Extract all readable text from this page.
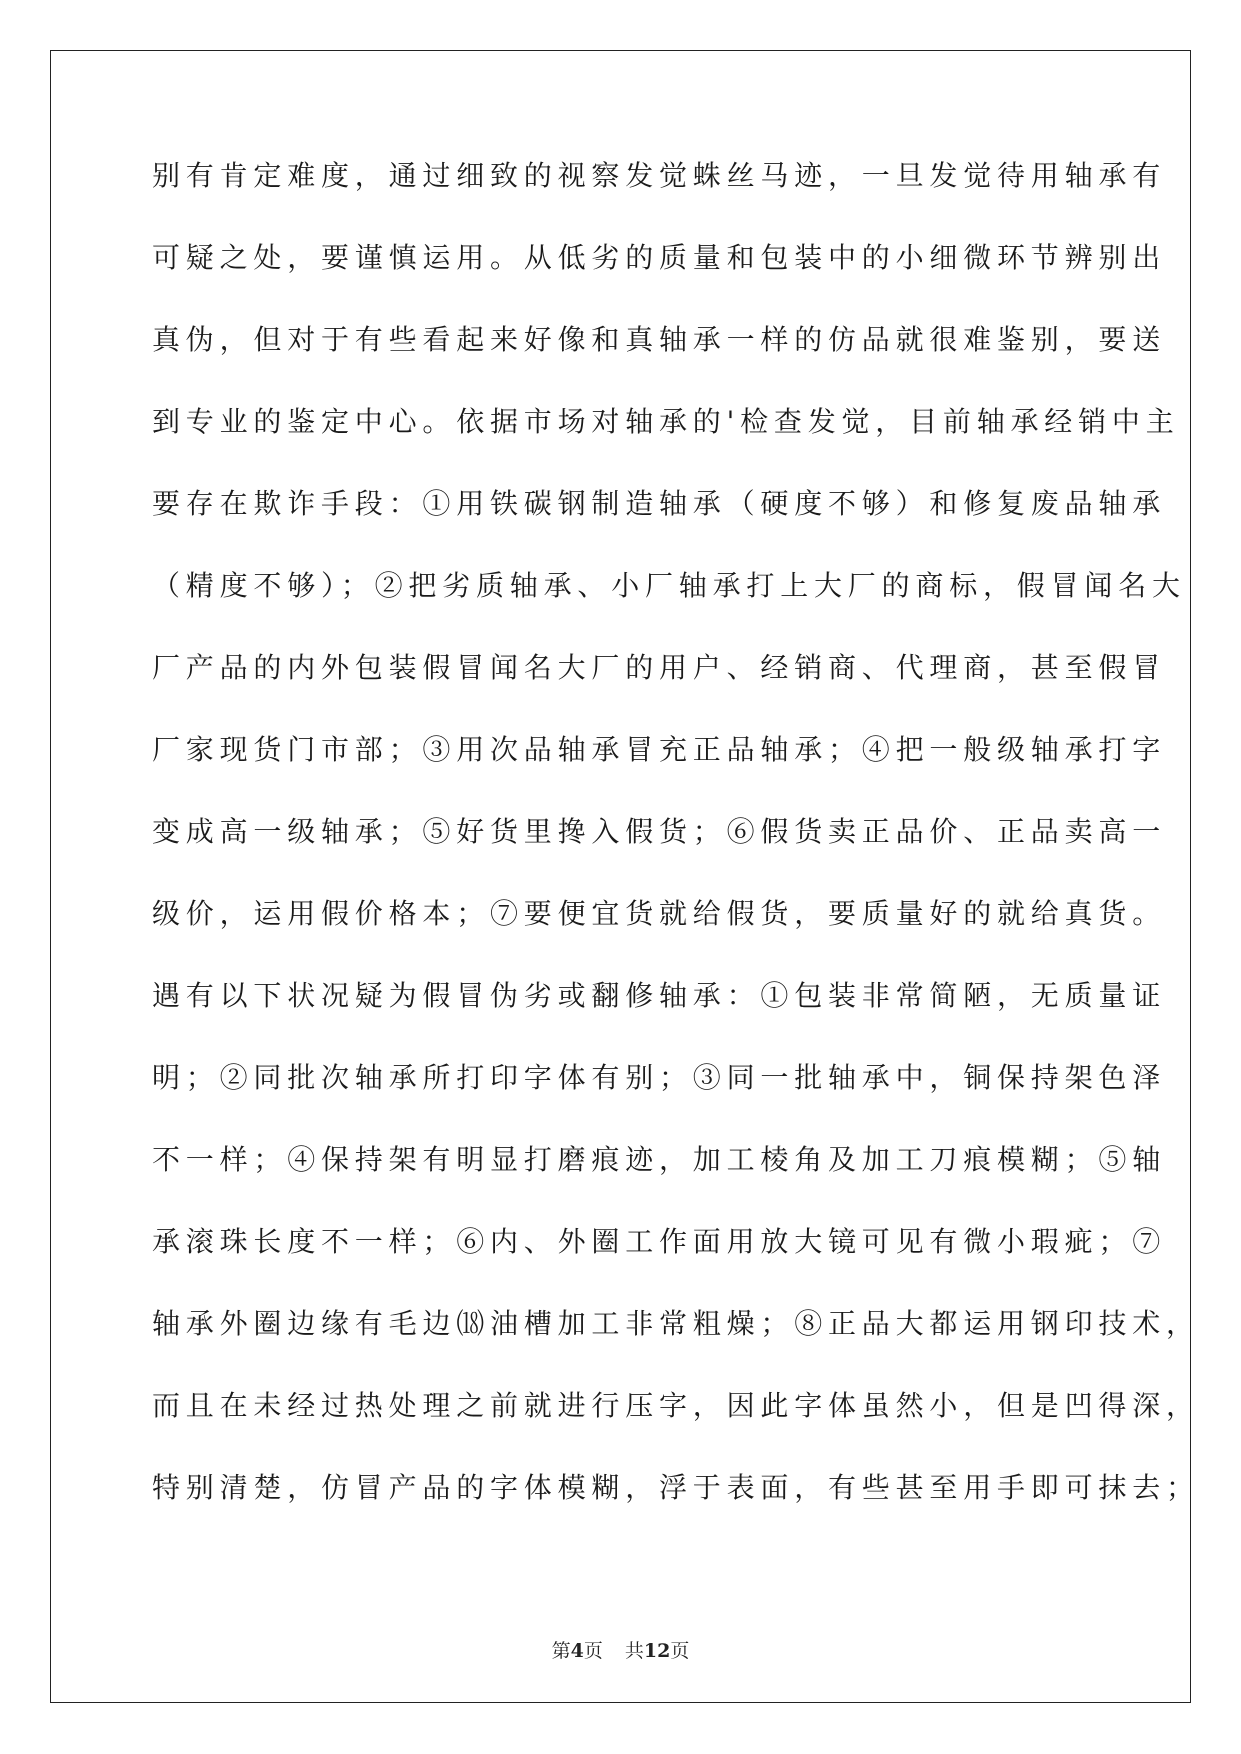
别有肯定难度，通过细致的视察发觉蛛丝马迹，一旦发觉待用轴承有
可疑之处，要谨慎运用。从低劣的质量和包装中的小细微环节辨别出
真伪，但对于有些看起来好像和真轴承一样的仿品就很难鉴别，要送
到专业的鉴定中心。依据市场对轴承的'检查发觉，目前轴承经销中主
要存在欺诈手段：①用铁碳钢制造轴承（硬度不够）和修复废品轴承
（精度不够）；②把劣质轴承、小厂轴承打上大厂的商标，假冒闻名大
厂产品的内外包装假冒闻名大厂的用户、经销商、代理商，甚至假冒
厂家现货门市部；③用次品轴承冒充正品轴承；④把一般级轴承打字
变成高一级轴承；⑤好货里搀入假货；⑥假货卖正品价、正品卖高一
级价，运用假价格本；⑦要便宜货就给假货，要质量好的就给真货。
遇有以下状况疑为假冒伪劣或翻修轴承：①包装非常简陋，无质量证
明；②同批次轴承所打印字体有别；③同一批轴承中，铜保持架色泽
不一样；④保持架有明显打磨痕迹，加工棱角及加工刀痕模糊；⑤轴
承滚珠长度不一样；⑥内、外圈工作面用放大镜可见有微小瑕疵；⑦
轴承外圈边缘有毛边⒅油槽加工非常粗燥；⑧正品大都运用钢印技术，
而且在未经过热处理之前就进行压字，因此字体虽然小，但是凹得深，
特别清楚，仿冒产品的字体模糊，浮于表面，有些甚至用手即可抹去；
第4页 共12页
